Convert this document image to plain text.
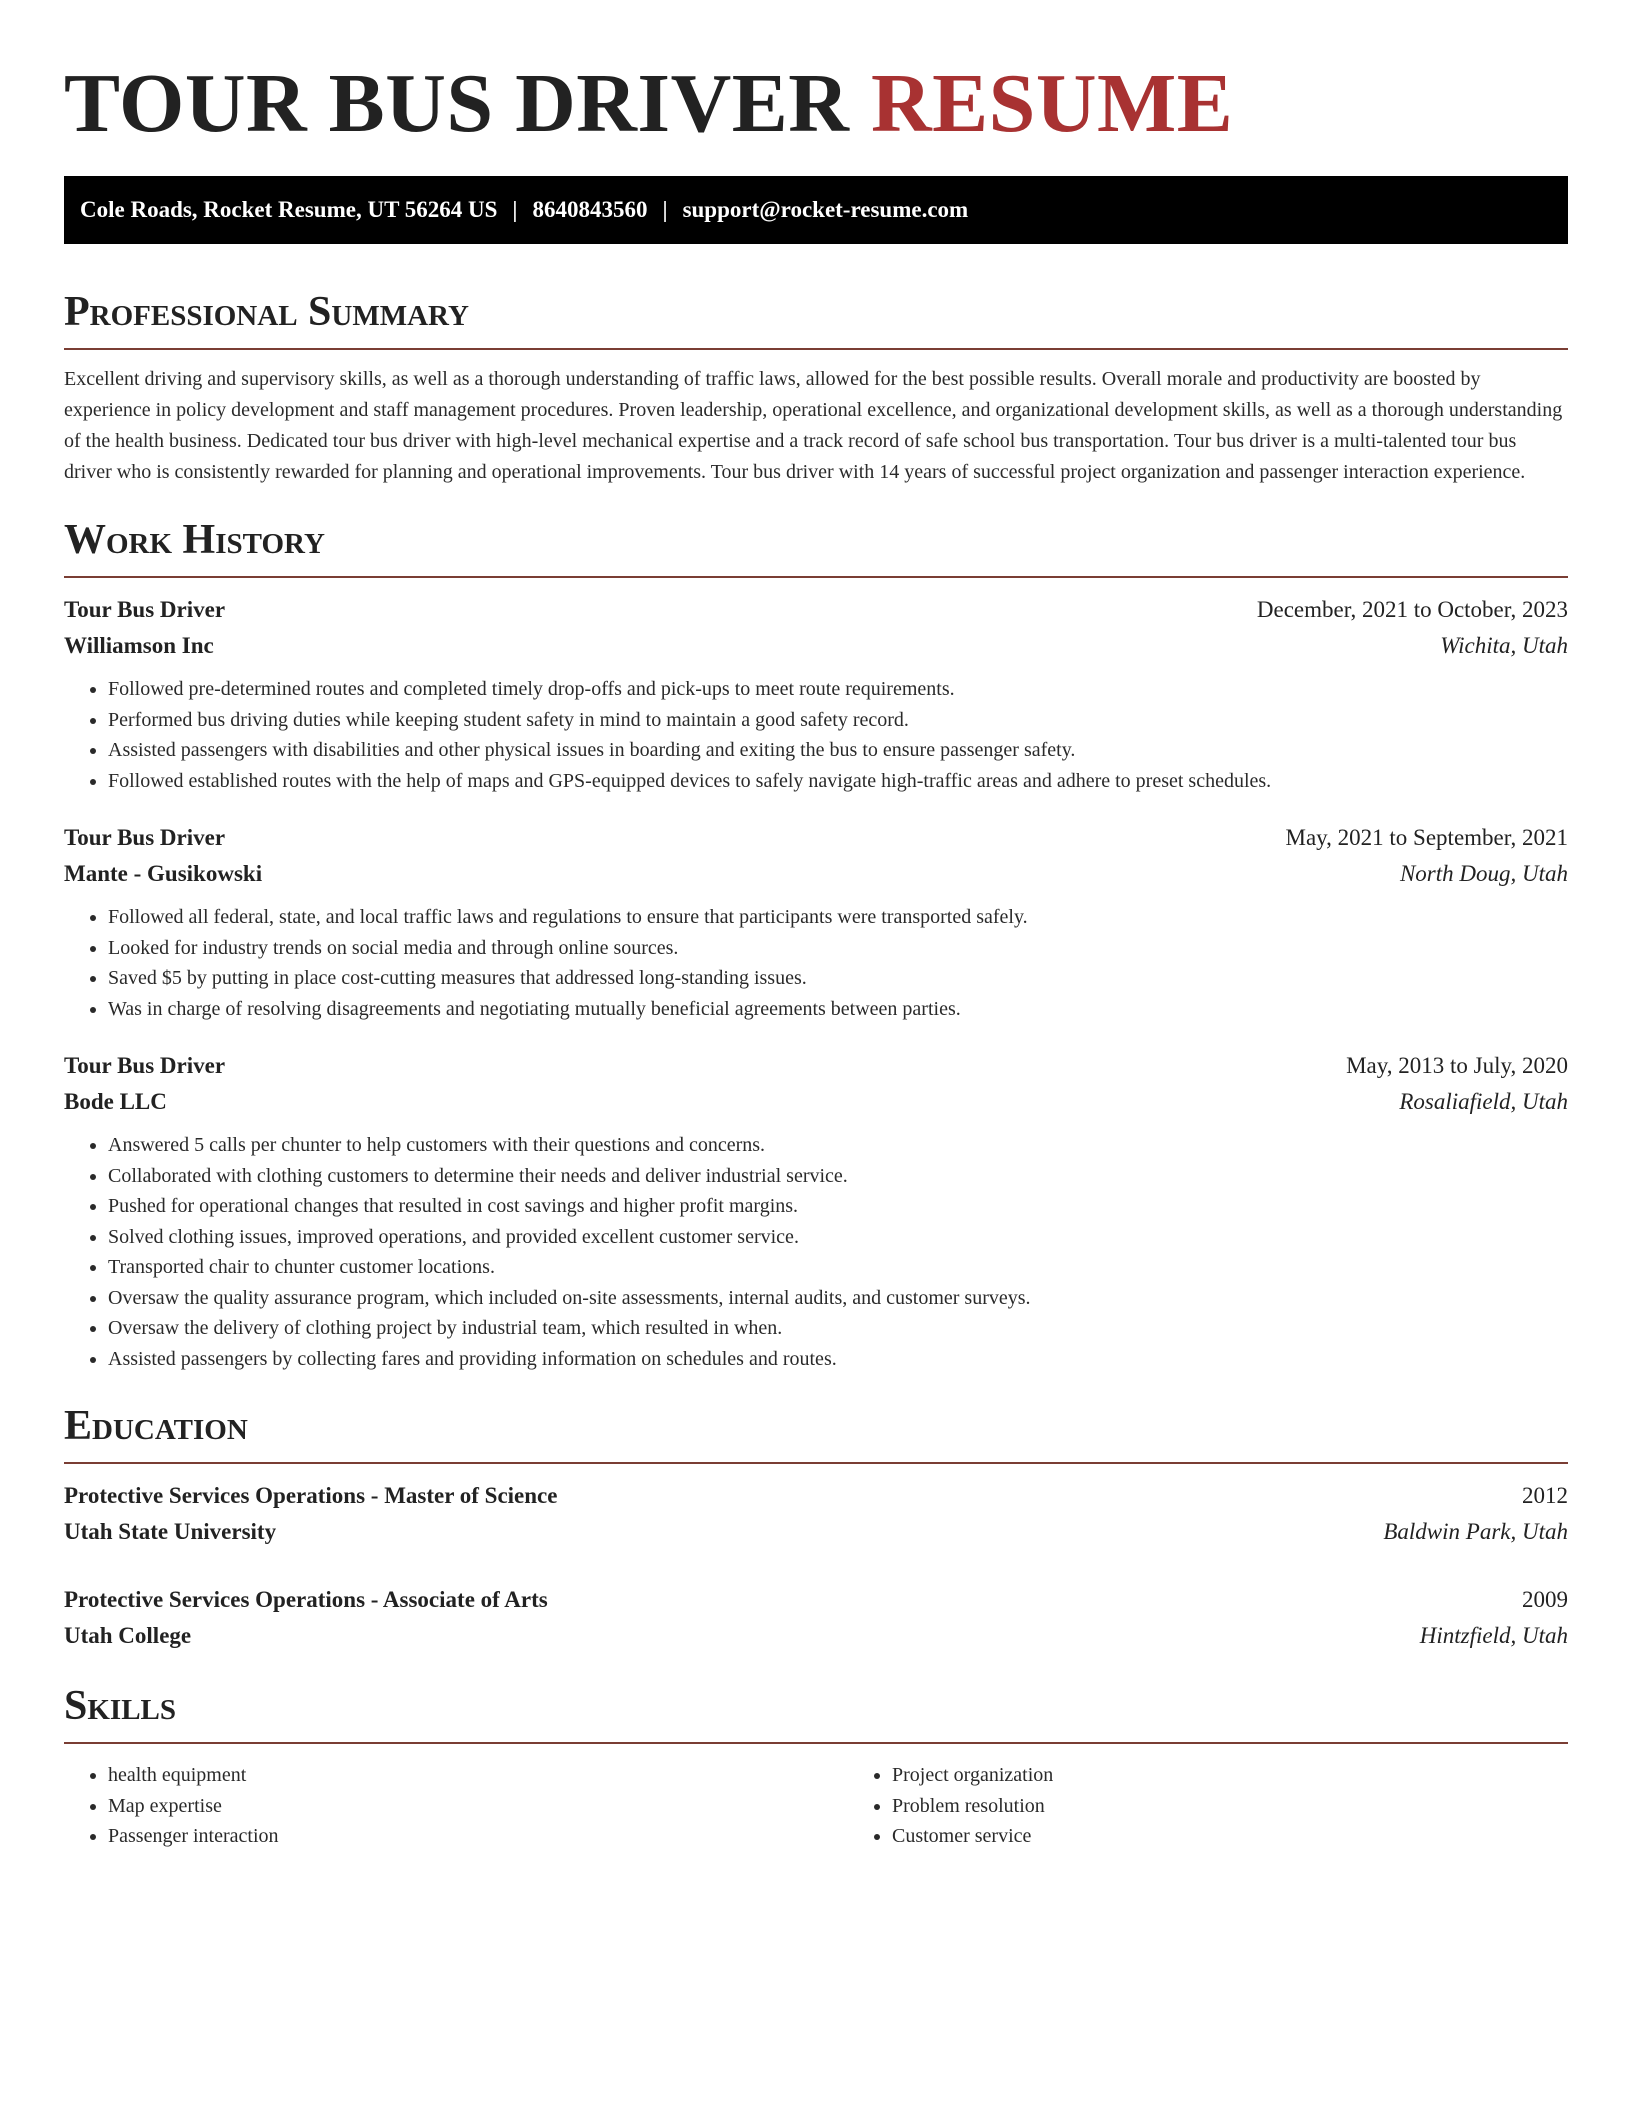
TOUR BUS DRIVER RESUME
Cole Roads, Rocket Resume, UT 56264 US | 8640843560 | support@rocket-resume.com
Professional Summary

Excellent driving and supervisory skills, as well as a thorough understanding of traffic laws, allowed for the best possible results. Overall morale and productivity are boosted by experience in policy development and staff management procedures. Proven leadership, operational excellence, and organizational development skills, as well as a thorough understanding of the health business. Dedicated tour bus driver with high-level mechanical expertise and a track record of safe school bus transportation. Tour bus driver is a multi-talented tour bus driver who is consistently rewarded for planning and operational improvements. Tour bus driver with 14 years of successful project organization and passenger interaction experience.

Work History
Tour Bus Driver	December, 2021 to October, 2023
Williamson Inc	Wichita, Utah
• Followed pre-determined routes and completed timely drop-offs and pick-ups to meet route requirements.
• Performed bus driving duties while keeping student safety in mind to maintain a good safety record.
• Assisted passengers with disabilities and other physical issues in boarding and exiting the bus to ensure passenger safety.
• Followed established routes with the help of maps and GPS-equipped devices to safely navigate high-traffic areas and adhere to preset schedules.
Tour Bus Driver	May, 2021 to September, 2021
Mante - Gusikowski	North Doug, Utah
• Followed all federal, state, and local traffic laws and regulations to ensure that participants were transported safely.
• Looked for industry trends on social media and through online sources.
• Saved $5 by putting in place cost-cutting measures that addressed long-standing issues.
• Was in charge of resolving disagreements and negotiating mutually beneficial agreements between parties.
Tour Bus Driver	May, 2013 to July, 2020
Bode LLC	Rosaliafield, Utah
• Answered 5 calls per chunter to help customers with their questions and concerns.
• Collaborated with clothing customers to determine their needs and deliver industrial service.
• Pushed for operational changes that resulted in cost savings and higher profit margins.
• Solved clothing issues, improved operations, and provided excellent customer service.
• Transported chair to chunter customer locations.
• Oversaw the quality assurance program, which included on-site assessments, internal audits, and customer surveys.
• Oversaw the delivery of clothing project by industrial team, which resulted in when.
• Assisted passengers by collecting fares and providing information on schedules and routes.
Education
Protective Services Operations - Master of Science	2012
Utah State University	Baldwin Park, Utah
Protective Services Operations - Associate of Arts	2009
Utah College	Hintzfield, Utah
Skills
• health equipment
• Map expertise
• Passenger interaction
• Project organization
• Problem resolution
• Customer service
